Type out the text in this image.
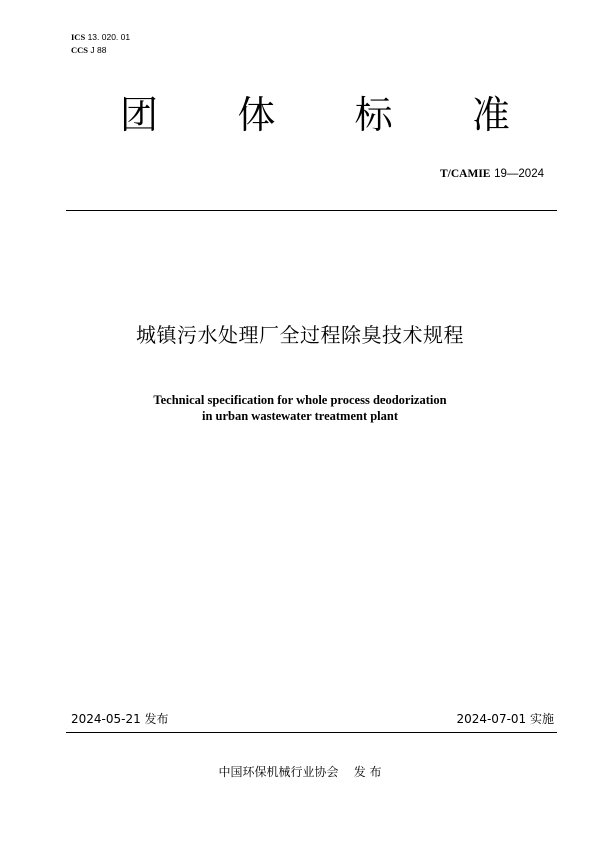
ICS 13. 020. 01
CCS J 88
团 体 标 准
T/CAMIE 19—2024
城镇污水处理厂全过程除臭技术规程
Technical specification for whole process deodorization
in urban wastewater treatment plant
2024-05-21 发布	2024-07-01 实施
中国环保机械行业协会    发 布
